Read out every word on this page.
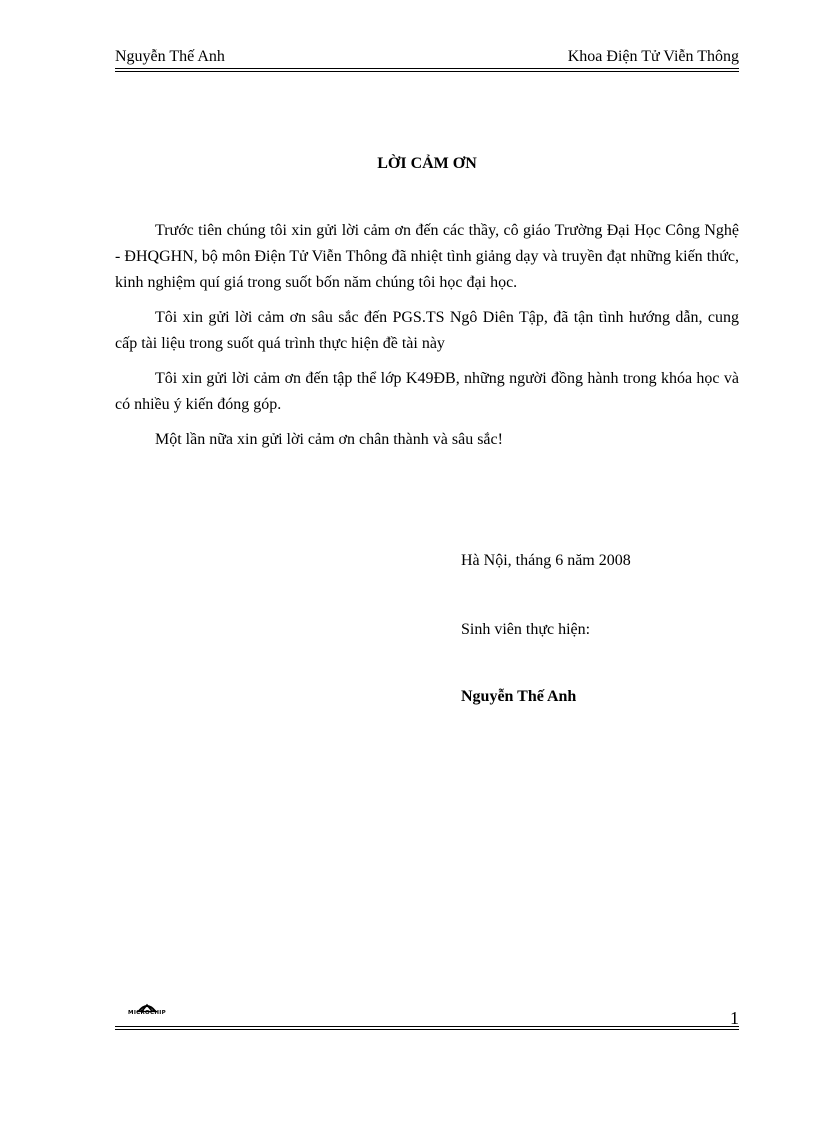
Nguyễn Thế Anh	Khoa Điện Tử Viễn Thông
LỜI CẢM ƠN

Trước tiên chúng tôi xin gửi lời cảm ơn đến các thầy, cô giáo Trường Đại Học Công Nghệ - ĐHQGHN, bộ môn Điện Tử Viễn Thông đã nhiệt tình giảng dạy và truyền đạt những kiến thức, kinh nghiệm quí giá trong suốt bốn năm chúng tôi học đại học.

Tôi xin gửi lời cảm ơn sâu sắc đến PGS.TS Ngô Diên Tập, đã tận tình hướng dẫn, cung cấp tài liệu trong suốt quá trình thực hiện đề tài này

Tôi xin gửi lời cảm ơn đến tập thể lớp K49ĐB, những người đồng hành trong khóa học và có nhiều ý kiến đóng góp.

Một lần nữa xin gửi lời cảm ơn chân thành và sâu sắc!

Hà Nội, tháng 6 năm 2008
Sinh viên thực hiện:
Nguyễn Thế Anh
MICROCHIP	1
